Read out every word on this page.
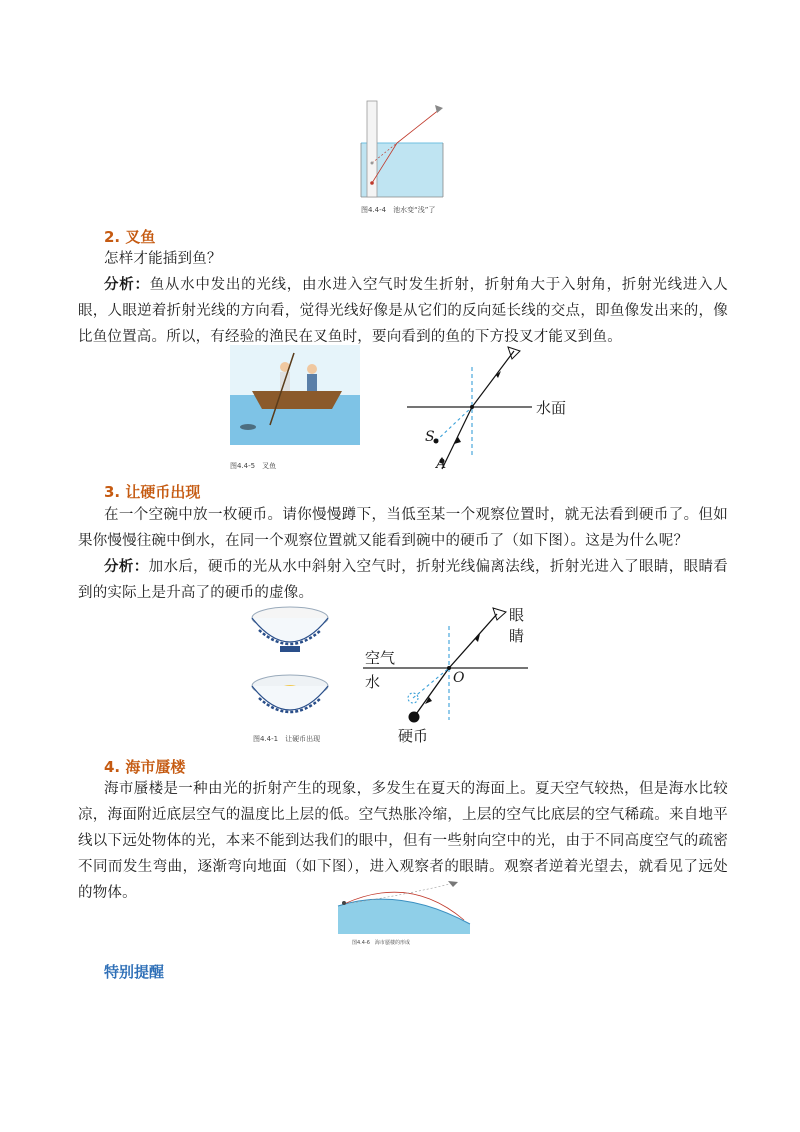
图4.4-4　池水变“浅”了
2. 叉鱼
怎样才能插到鱼？
分析：鱼从水中发出的光线，由水进入空气时发生折射，折射角大于入射角，折射光线进入人眼，人眼逆着折射光线的方向看，觉得光线好像是从它们的反向延长线的交点，即鱼像发出来的，像比鱼位置高。所以，有经验的渔民在叉鱼时，要向看到的鱼的下方投叉才能叉到鱼。
图4.4-5　叉鱼
水面
S
A
3. 让硬币出现
在一个空碗中放一枚硬币。请你慢慢蹲下，当低至某一个观察位置时，就无法看到硬币了。但如果你慢慢往碗中倒水，在同一个观察位置就又能看到碗中的硬币了（如下图）。这是为什么呢？
分析：加水后，硬币的光从水中斜射入空气时，折射光线偏离法线，折射光进入了眼睛，眼睛看到的实际上是升高了的硬币的虚像。
图4.4-1　让硬币出现
眼睛
空气
水	O
硬币
4. 海市蜃楼
海市蜃楼是一种由光的折射产生的现象，多发生在夏天的海面上。夏天空气较热，但是海水比较凉，海面附近底层空气的温度比上层的低。空气热胀冷缩，上层的空气比底层的空气稀疏。来自地平线以下远处物体的光，本来不能到达我们的眼中，但有一些射向空中的光，由于不同高度空气的疏密不同而发生弯曲，逐渐弯向地面（如下图），进入观察者的眼睛。观察者逆着光望去，就看见了远处的物体。
图4.4-6　海市蜃楼的形成
特别提醒
